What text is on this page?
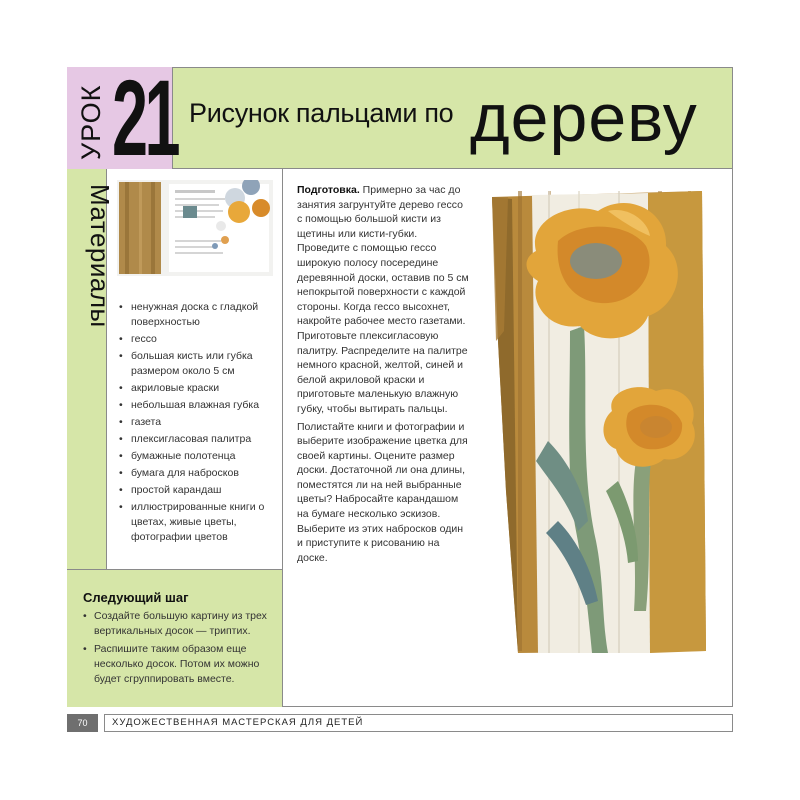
УРОК 21 Рисунок пальцами по дереву
Материалы
•	ненужная доска с гладкой поверхностью
• гессо
• большая кисть или губка размером около 5 см
• акриловые краски
• небольшая влажная губка
• газета
• плексигласовая палитра
• бумажные полотенца
• бумага для набросков
• простой карандаш
• иллюстрированные книги о цветах, живые цветы, фотографии цветов
Следующий шаг
• Создайте большую картину из трех вертикальных досок — триптих.
• Распишите таким образом еще несколько досок. Потом их можно будет сгруппировать вместе.

Подготовка. Примерно за час до занятия загрунтуйте дерево гессо с помощью большой кисти из щетины или кисти-губки. Проведите с помощью гессо широкую полосу посередине деревянной доски, оставив по 5 см непокрытой поверхности с каждой стороны. Когда гессо высохнет, накройте рабочее место газетами. Приготовьте плексигласовую палитру. Распределите на палитре немного красной, желтой, синей и белой акриловой краски и приготовьте маленькую влажную губку, чтобы вытирать пальцы.

Полистайте книги и фотографии и выберите изображение цветка для своей картины. Оцените размер доски. Достаточной ли она длины, поместятся ли на ней выбранные цветы? Набросайте карандашом на бумаге несколько эскизов. Выберите из этих набросков один и приступите к рисованию на доске.

70	ХУДОЖЕСТВЕННАЯ МАСТЕРСКАЯ ДЛЯ ДЕТЕЙ
